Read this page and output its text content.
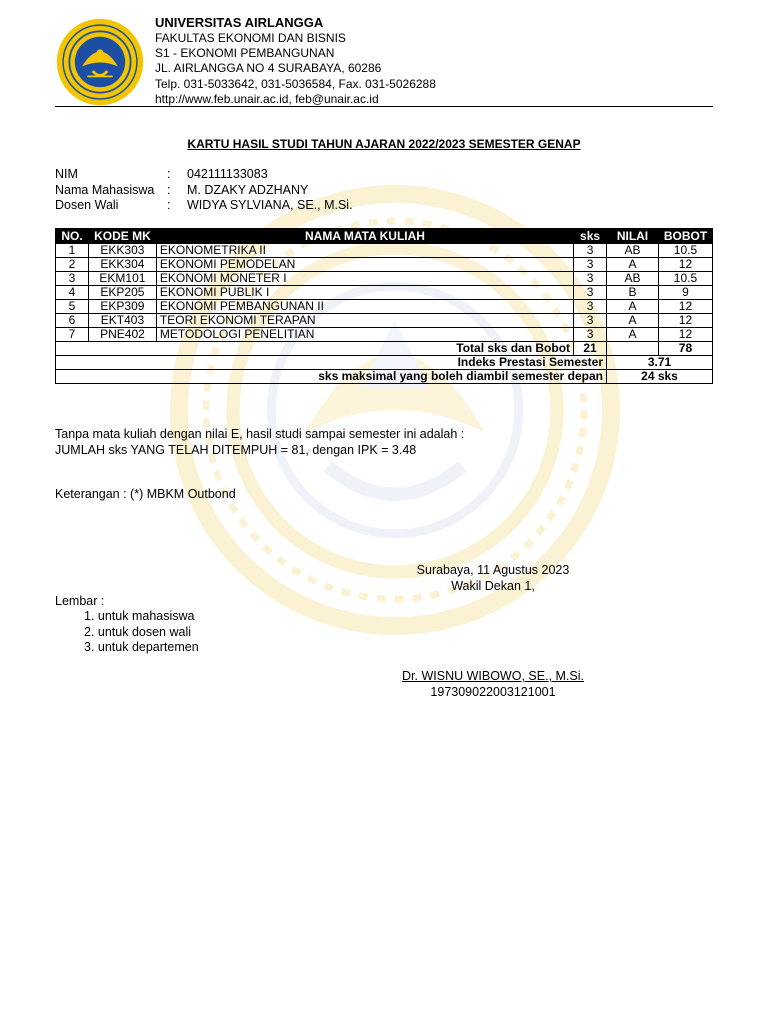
UNIVERSITAS AIRLANGGA
FAKULTAS EKONOMI DAN BISNIS
S1 - EKONOMI PEMBANGUNAN
JL. AIRLANGGA NO 4 SURABAYA, 60286
Telp. 031-5033642, 031-5036584, Fax. 031-5026288
http://www.feb.unair.ac.id, feb@unair.ac.id
KARTU HASIL STUDI TAHUN AJARAN 2022/2023 SEMESTER GENAP
NIM	:	042111133083
Nama Mahasiswa	:	M. DZAKY ADZHANY
Dosen Wali	:	WIDYA SYLVIANA, SE., M.Si.
NO.	KODE MK	NAMA MATA KULIAH	sks	NILAI	BOBOT
1	EKK303	EKONOMETRIKA II	3	AB	10.5
2	EKK304	EKONOMI PEMODELAN	3	A	12
3	EKM101	EKONOMI MONETER I	3	AB	10.5
4	EKP205	EKONOMI PUBLIK I	3	B	9
5	EKP309	EKONOMI PEMBANGUNAN II	3	A	12
6	EKT403	TEORI EKONOMI TERAPAN	3	A	12
7	PNE402	METODOLOGI PENELITIAN	3	A	12
Total sks dan Bobot			21		78
Indeks Prestasi Semester				3.71	
sks maksimal yang boleh diambil semester depan				24 sks	
Tanpa mata kuliah dengan nilai E, hasil studi sampai semester ini adalah :
JUMLAH sks YANG TELAH DITEMPUH = 81, dengan IPK = 3.48
Keterangan : (*) MBKM Outbond
Surabaya, 11 Agustus 2023
Wakil Dekan 1,
Lembar :
1. untuk mahasiswa
2. untuk dosen wali
3. untuk departemen
Dr. WISNU WIBOWO, SE., M.Si.
197309022003121001
